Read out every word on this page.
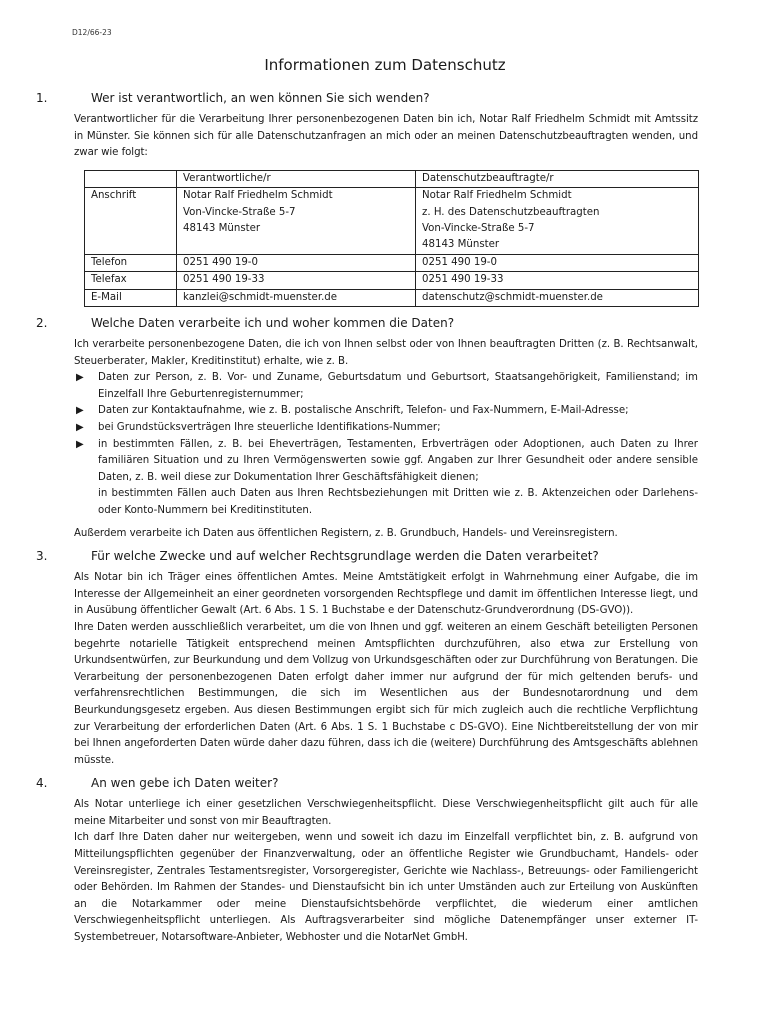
D12/66-23
Informationen zum Datenschutz
1.	Wer ist verantwortlich, an wen können Sie sich wenden?

Verantwortlicher für die Verarbeitung Ihrer personenbezogenen Daten bin ich, Notar Ralf Friedhelm Schmidt mit Amtssitz in Münster. Sie können sich für alle Datenschutzanfragen an mich oder an meinen Datenschutzbeauftragten wenden, und zwar wie folgt:

	Verantwortliche/r	Datenschutzbeauftragte/r
Anschrift	Notar Ralf Friedhelm Schmidt
Von-Vincke-Straße 5-7
48143 Münster	Notar Ralf Friedhelm Schmidt
z. H. des Datenschutzbeauftragten
Von-Vincke-Straße 5-7
48143 Münster

Telefon	0251 490 19-0	0251 490 19-0
Telefax	0251 490 19-33	0251 490 19-33
E-Mail	kanzlei@schmidt-muenster.de	datenschutz@schmidt-muenster.de
2.	Welche Daten verarbeite ich und woher kommen die Daten?

Ich verarbeite personenbezogene Daten, die ich von Ihnen selbst oder von Ihnen beauftragten Dritten (z. B. Rechtsanwalt, Steuerberater, Makler, Kreditinstitut) erhalte, wie z. B.

▶ Daten zur Person, z. B. Vor- und Zuname, Geburtsdatum und Geburtsort, Staatsangehörigkeit, Familienstand; im Einzelfall Ihre Geburtenregisternummer;
▶ Daten zur Kontaktaufnahme, wie z. B. postalische Anschrift, Telefon- und Fax-Nummern, E-Mail-Adresse;
▶ bei Grundstücksverträgen Ihre steuerliche Identifikations-Nummer;
▶ in bestimmten Fällen, z. B. bei Eheverträgen, Testamenten, Erbverträgen oder Adoptionen, auch Daten zu Ihrer familiären Situation und zu Ihren Vermögenswerten sowie ggf. Angaben zur Ihrer Gesundheit oder andere sensible Daten, z. B. weil diese zur Dokumentation Ihrer Geschäftsfähigkeit dienen;
in bestimmten Fällen auch Daten aus Ihren Rechtsbeziehungen mit Dritten wie z. B. Aktenzeichen oder Darlehens- oder Konto-Nummern bei Kreditinstituten.

Außerdem verarbeite ich Daten aus öffentlichen Registern, z. B. Grundbuch, Handels- und Vereinsregistern.

3.	Für welche Zwecke und auf welcher Rechtsgrundlage werden die Daten verarbeitet?

Als Notar bin ich Träger eines öffentlichen Amtes. Meine Amtstätigkeit erfolgt in Wahrnehmung einer Aufgabe, die im Interesse der Allgemeinheit an einer geordneten vorsorgenden Rechtspflege und damit im öffentlichen Interesse liegt, und in Ausübung öffentlicher Gewalt (Art. 6 Abs. 1 S. 1 Buchstabe e der Datenschutz-Grundverordnung (DS-GVO)).

Ihre Daten werden ausschließlich verarbeitet, um die von Ihnen und ggf. weiteren an einem Geschäft beteiligten Personen begehrte notarielle Tätigkeit entsprechend meinen Amtspflichten durchzuführen, also etwa zur Erstellung von Urkundsentwürfen, zur Beurkundung und dem Vollzug von Urkundsgeschäften oder zur Durchführung von Beratungen. Die Verarbeitung der personenbezogenen Daten erfolgt daher immer nur aufgrund der für mich geltenden berufs- und verfahrensrechtlichen Bestimmungen, die sich im Wesentlichen aus der Bundesnotarordnung und dem Beurkundungsgesetz ergeben. Aus diesen Bestimmungen ergibt sich für mich zugleich auch die rechtliche Verpflichtung zur Verarbeitung der erforderlichen Daten (Art. 6 Abs. 1 S. 1 Buchstabe c DS-GVO). Eine Nichtbereitstellung der von mir bei Ihnen angeforderten Daten würde daher dazu führen, dass ich die (weitere) Durchführung des Amtsgeschäfts ablehnen müsste.

4.	An wen gebe ich Daten weiter?

Als Notar unterliege ich einer gesetzlichen Verschwiegenheitspflicht. Diese Verschwiegenheitspflicht gilt auch für alle meine Mitarbeiter und sonst von mir Beauftragten.

Ich darf Ihre Daten daher nur weitergeben, wenn und soweit ich dazu im Einzelfall verpflichtet bin, z. B. aufgrund von Mitteilungspflichten gegenüber der Finanzverwaltung, oder an öffentliche Register wie Grundbuchamt, Handels- oder Vereinsregister, Zentrales Testamentsregister, Vorsorgeregister, Gerichte wie Nachlass-, Betreuungs- oder Familiengericht oder Behörden. Im Rahmen der Standes- und Dienstaufsicht bin ich unter Umständen auch zur Erteilung von Auskünften an die Notarkammer oder meine Dienstaufsichtsbehörde verpflichtet, die wiederum einer amtlichen Verschwiegenheitspflicht unterliegen. Als Auftragsverarbeiter sind mögliche Datenempfänger unser externer IT-Systembetreuer, Notarsoftware-Anbieter, Webhoster und die NotarNet GmbH.
